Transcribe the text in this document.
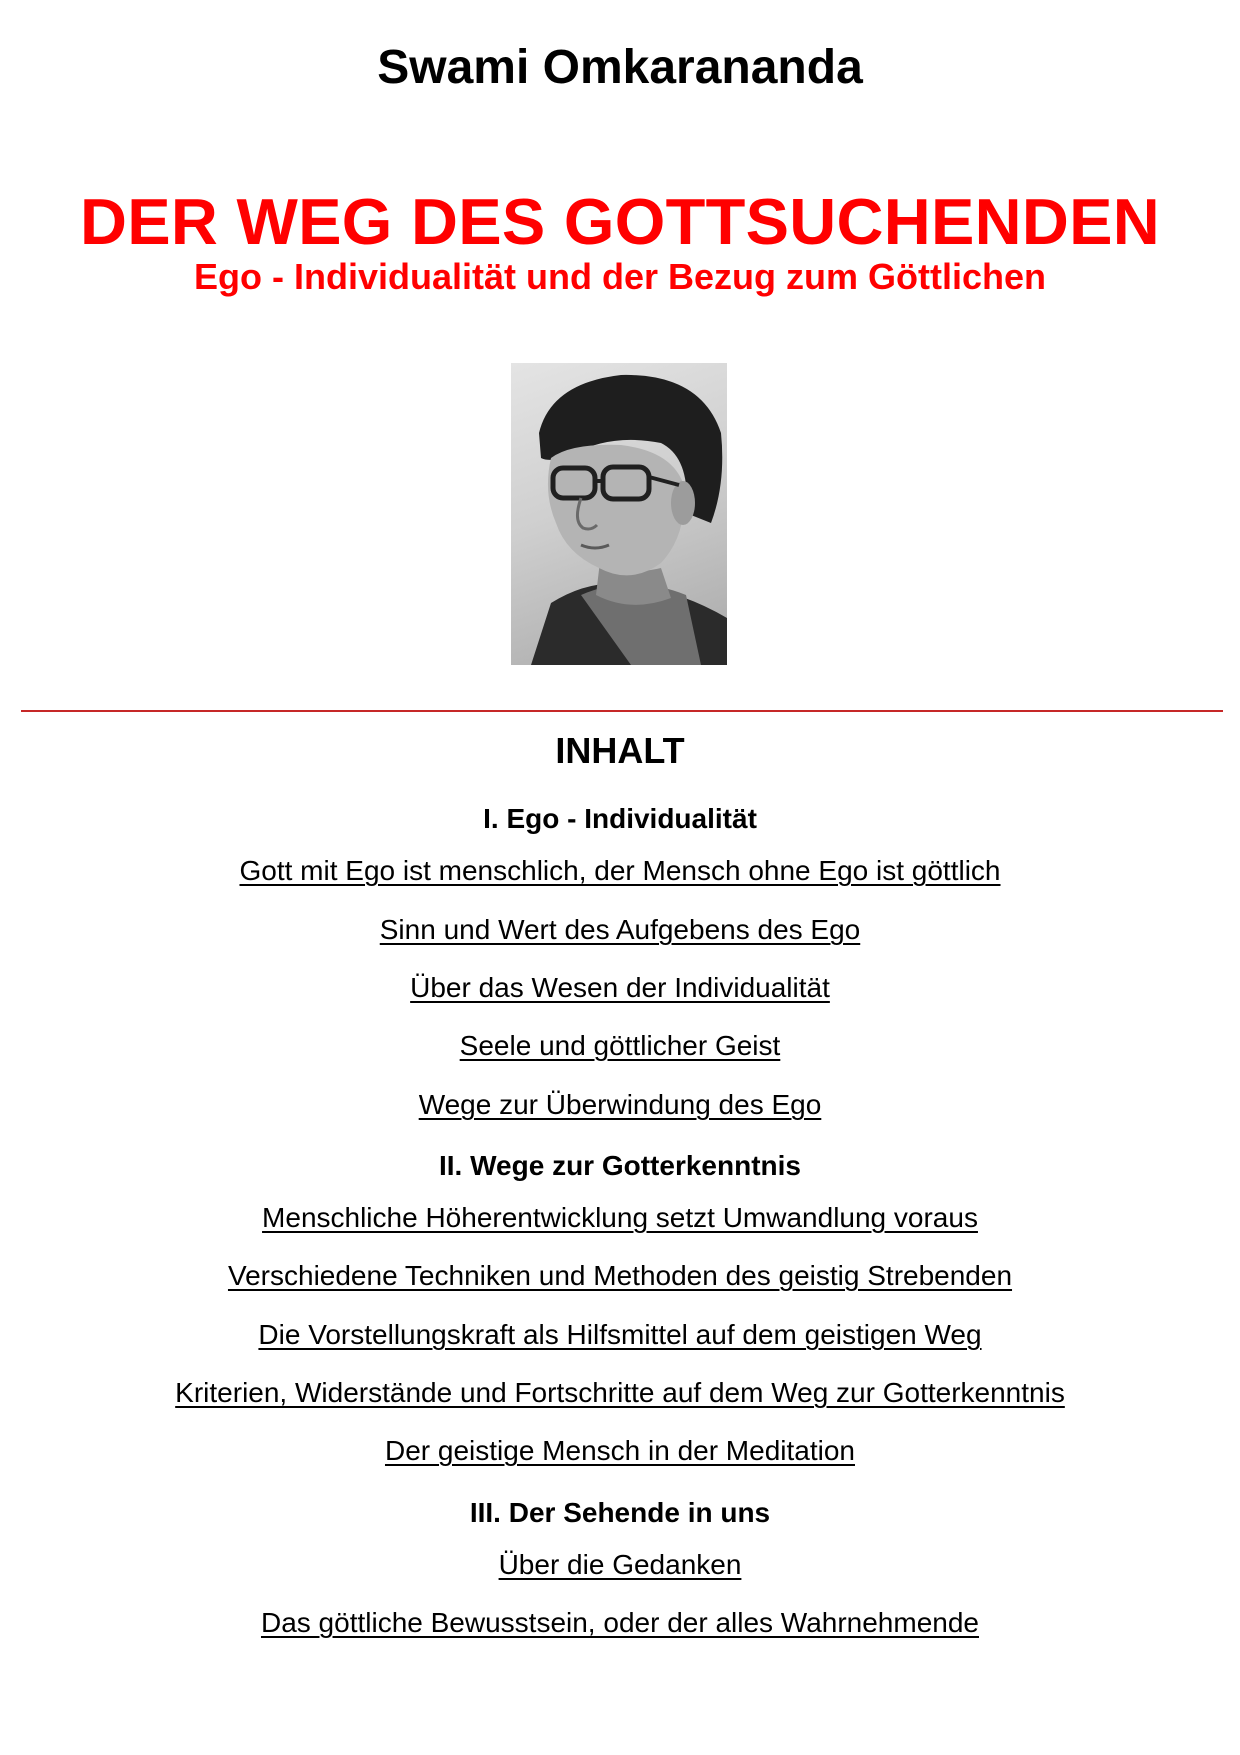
Swami Omkarananda
DER WEG DES GOTTSUCHENDEN
Ego - Individualität und der Bezug zum Göttlichen
INHALT
I. Ego - Individualität
Gott mit Ego ist menschlich, der Mensch ohne Ego ist göttlich
Sinn und Wert des Aufgebens des Ego
Über das Wesen der Individualität
Seele und göttlicher Geist
Wege zur Überwindung des Ego
II. Wege zur Gotterkenntnis
Menschliche Höherentwicklung setzt Umwandlung voraus
Verschiedene Techniken und Methoden des geistig Strebenden
Die Vorstellungskraft als Hilfsmittel auf dem geistigen Weg
Kriterien, Widerstände und Fortschritte auf dem Weg zur Gotterkenntnis
Der geistige Mensch in der Meditation
III. Der Sehende in uns
Über die Gedanken
Das göttliche Bewusstsein, oder der alles Wahrnehmende
